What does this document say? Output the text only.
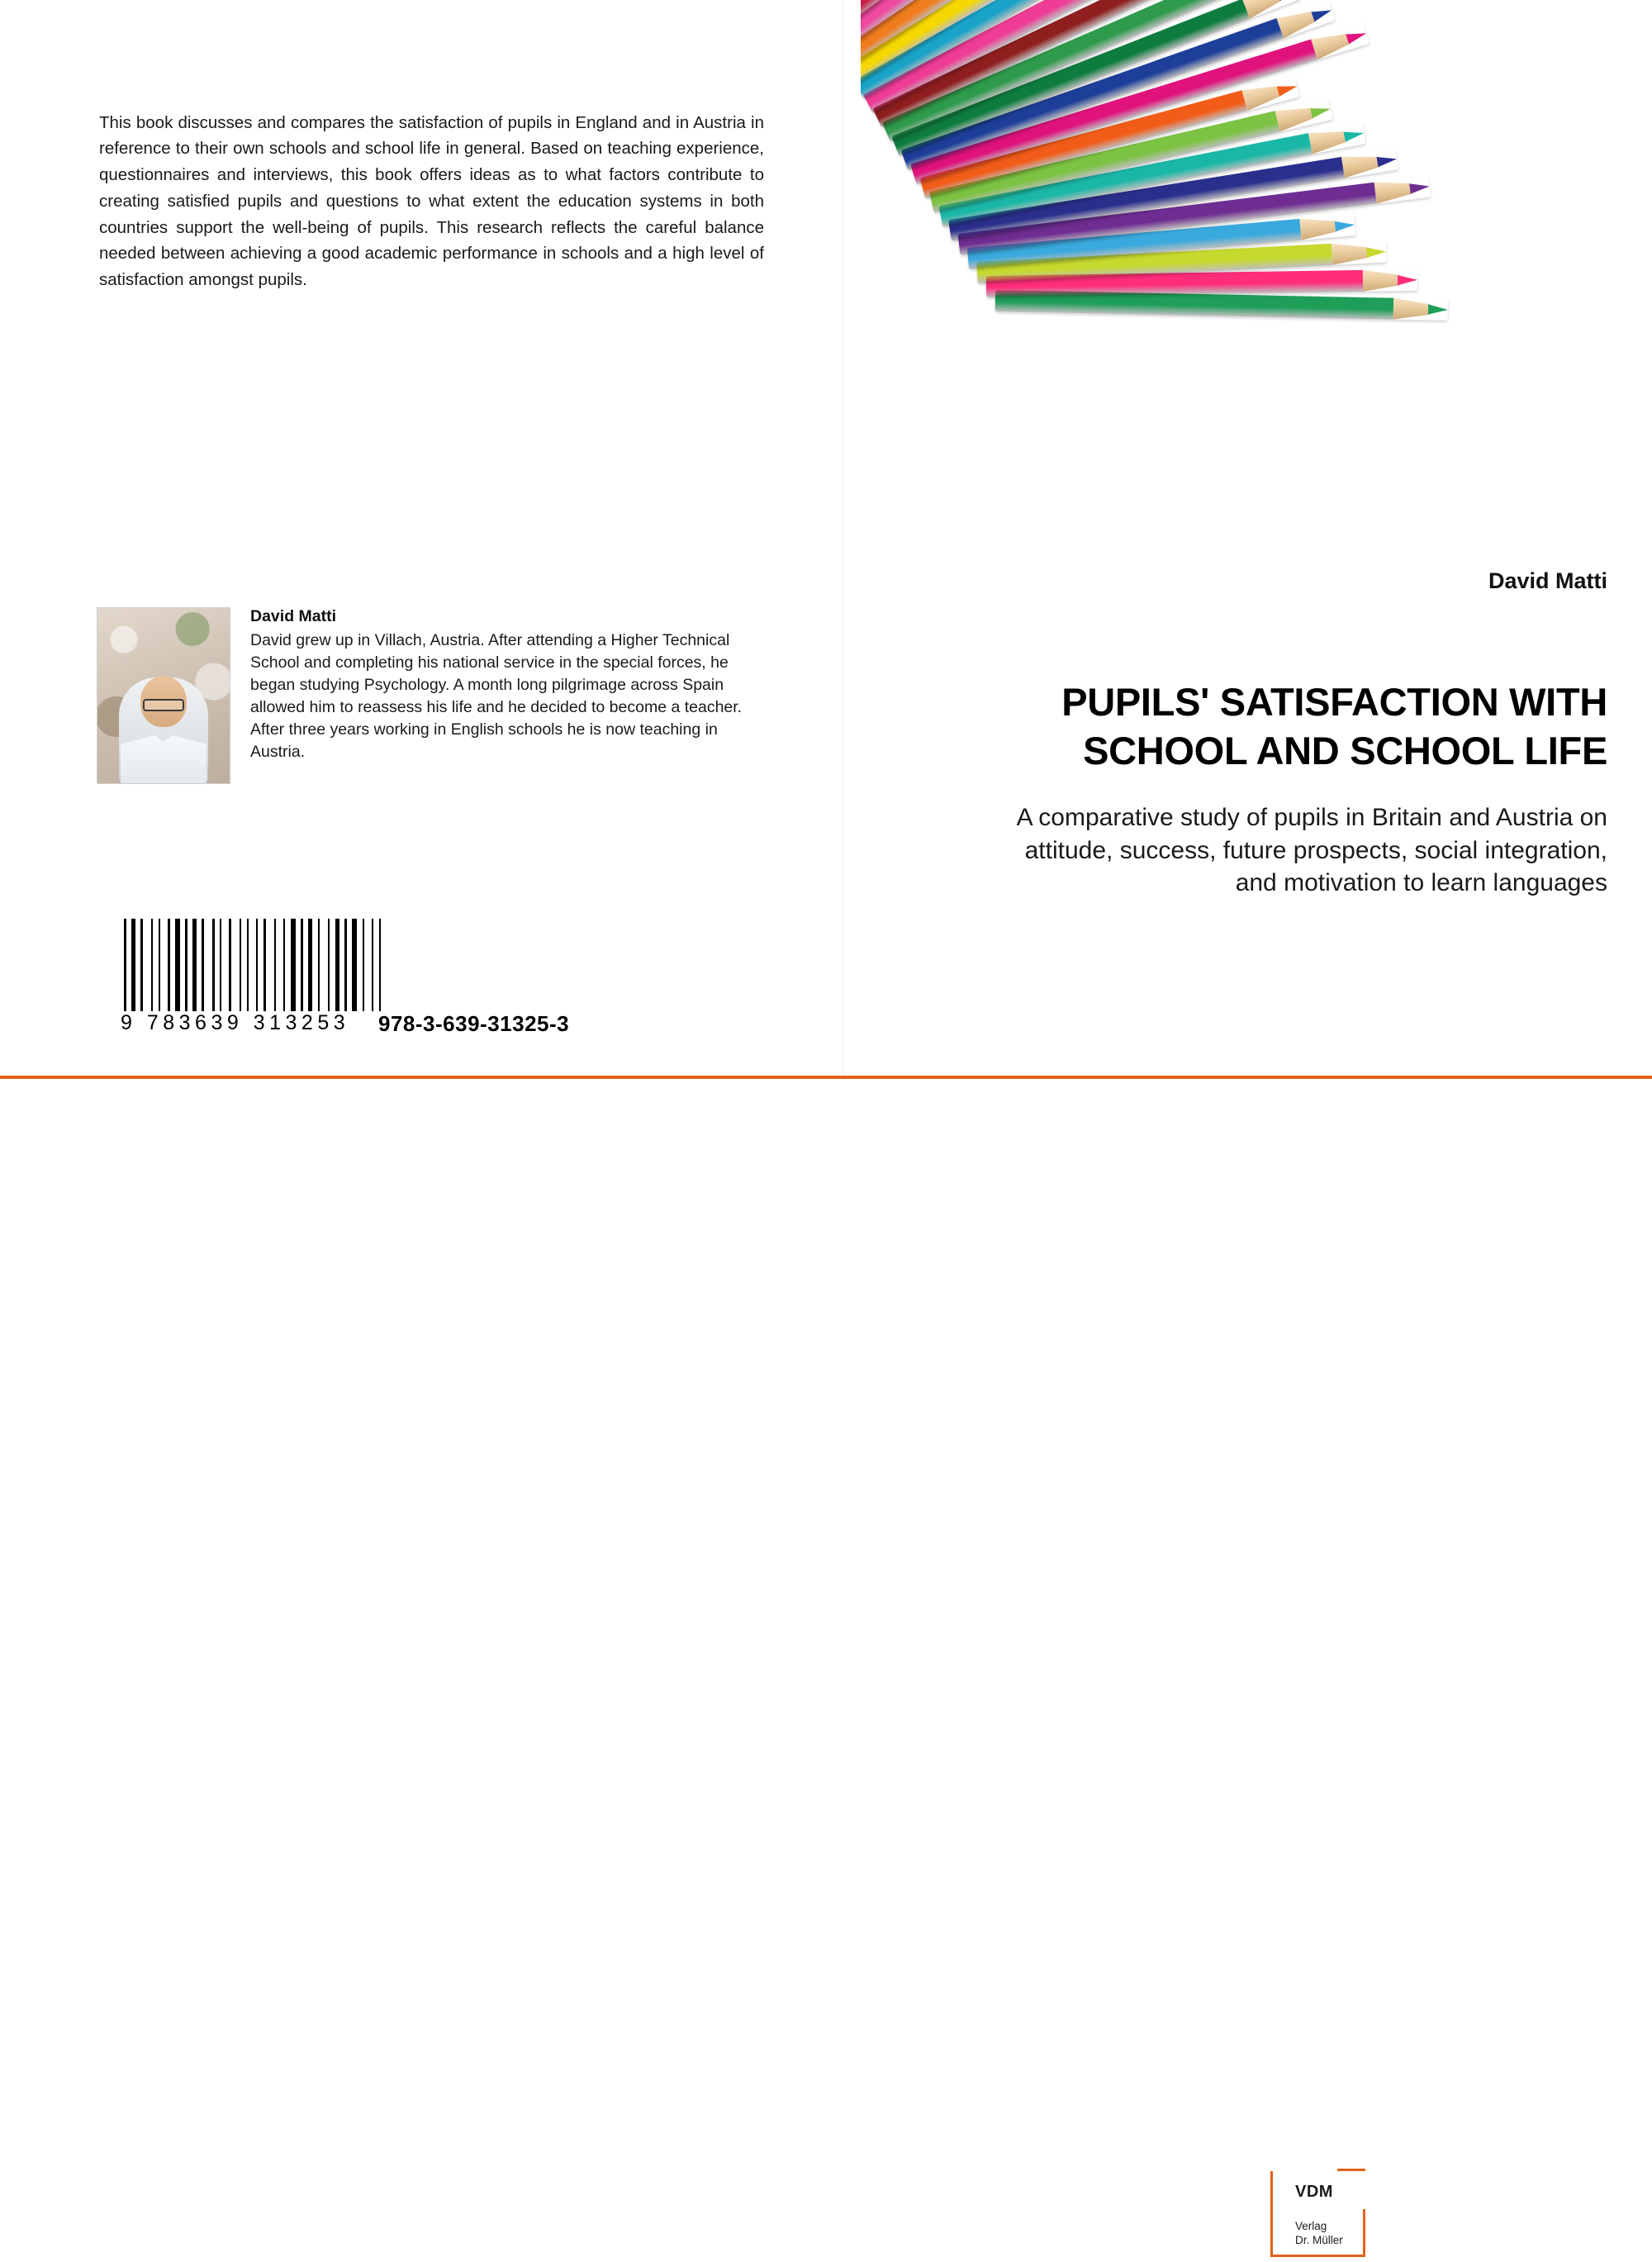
This book discusses and compares the satisfaction of pupils in England and in Austria in reference to their own schools and school life in general. Based on teaching experience, questionnaires and interviews, this book offers ideas as to what factors contribute to creating satisfied pupils and questions to what extent the education systems in both countries support the well-being of pupils. This research reflects the careful balance needed between achieving a good academic performance in schools and a high level of satisfaction amongst pupils.

David Matti
David grew up in Villach, Austria. After attending a Higher Technical School and completing his national service in the special forces, he began studying Psychology. A month long pilgrimage across Spain allowed him to reassess his life and he decided to become a teacher. After three years working in English schools he is now teaching in Austria.
9 783639 313253	978-3-639-31325-3
David Matti
PUPILS' SATISFACTION WITH SCHOOL AND SCHOOL LIFE

A comparative study of pupils in Britain and Austria on attitude, success, future prospects, social integration, and motivation to learn languages

VDM
Verlag
Dr. Müller
